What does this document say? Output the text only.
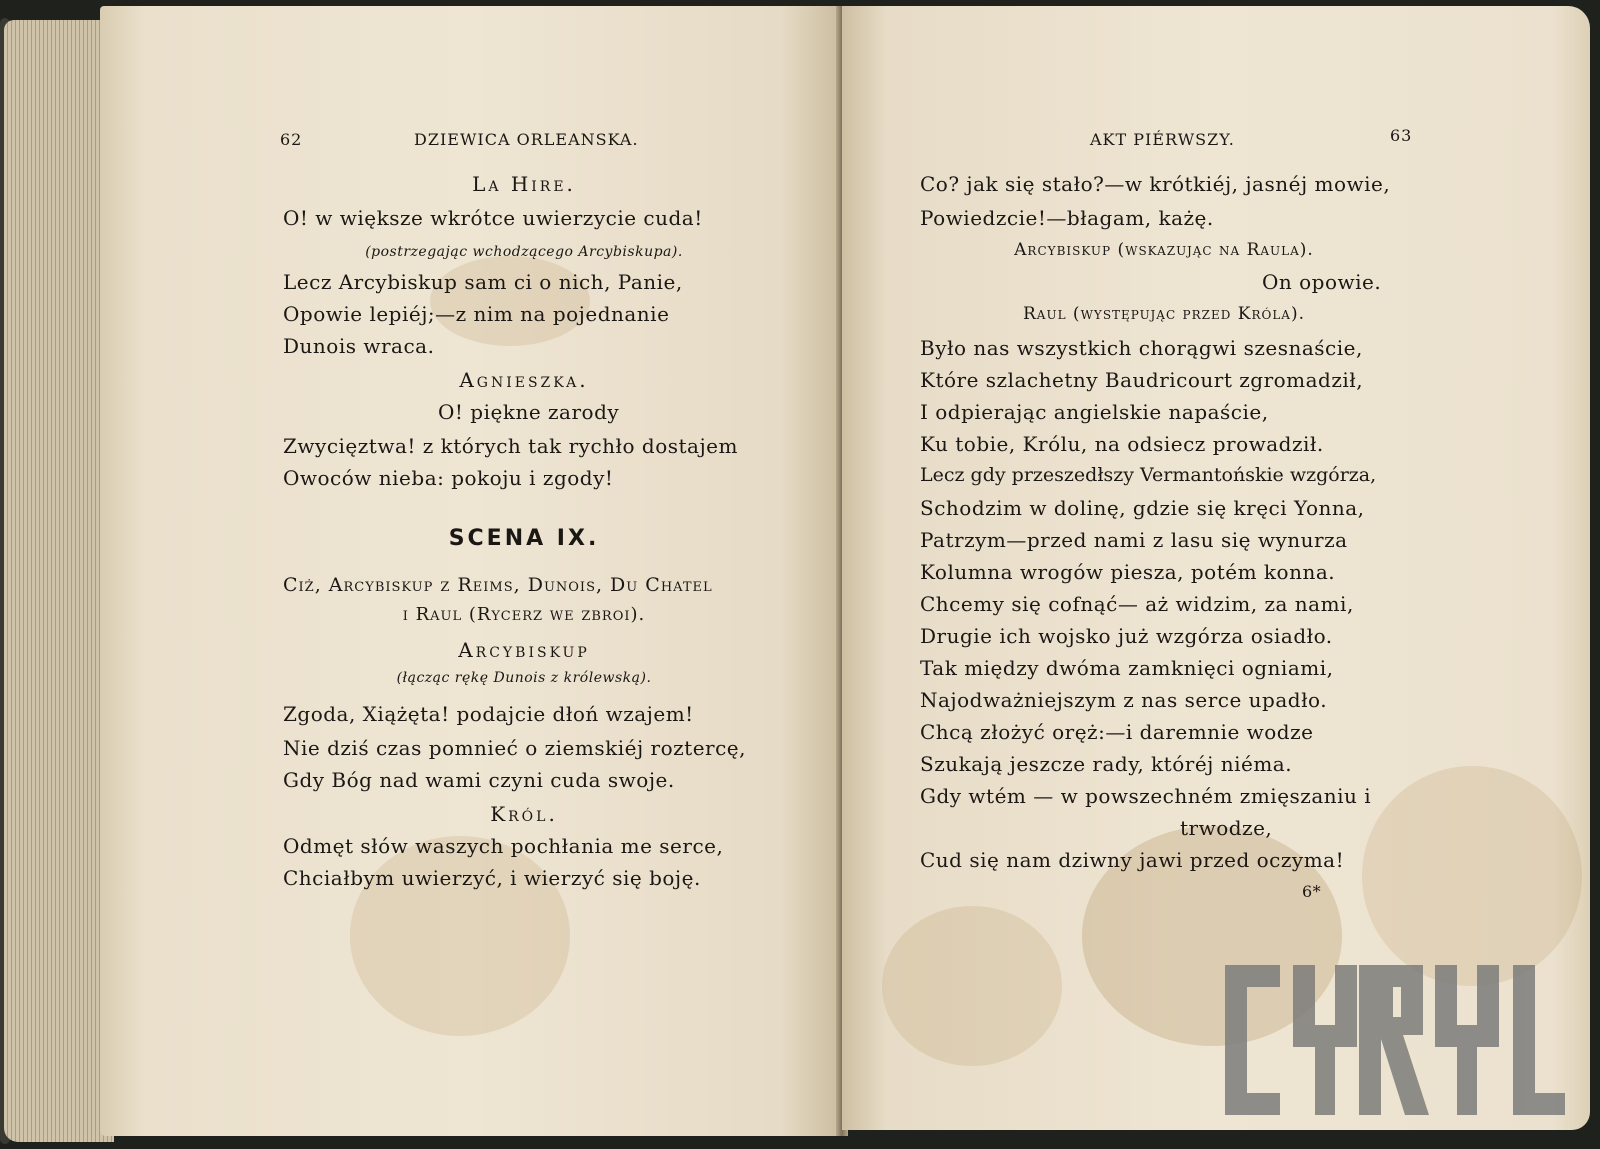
62	DZIEWICA ORLEANSKA.
La Hire.
O! w większe wkrótce uwierzycie cuda!
(postrzegając wchodzącego Arcybiskupa).
Lecz Arcybiskup sam ci o nich, Panie,
Opowie lepiéj;—z nim na pojednanie
Dunois wraca.
Agnieszka.
O! piękne zarody
Zwycięztwa! z których tak rychło dostajem
Owoców nieba: pokoju i zgody!
SCENA IX.
Ciż, Arcybiskup z Reims, Dunois, Du Chatel
i Raul (Rycerz we zbroi).
Arcybiskup
(łącząc rękę Dunois z królewską).
Zgoda, Xiążęta! podajcie dłoń wzajem!
Nie dziś czas pomnieć o ziemskiéj roztercę,
Gdy Bóg nad wami czyni cuda swoje.
Król.
Odmęt słów waszych pochłania me serce,
Chciałbym uwierzyć, i wierzyć się boję.
AKT PIÉRWSZY.	63
Co? jak się stało?—w krótkiéj, jasnéj mowie,
Powiedzcie!—błagam, każę.
Arcybiskup (wskazując na Raula).
On opowie.
Raul (występując przed Króla).
Było nas wszystkich chorągwi szesnaście,
Które szlachetny Baudricourt zgromadził,
I odpierając angielskie napaście,
Ku tobie, Królu, na odsiecz prowadził.
Lecz gdy przeszedłszy Vermantońskie wzgórza,
Schodzim w dolinę, gdzie się kręci Yonna,
Patrzym—przed nami z lasu się wynurza
Kolumna wrogów piesza, potém konna.
Chcemy się cofnąć— aż widzim, za nami,
Drugie ich wojsko już wzgórza osiadło.
Tak między dwóma zamknięci ogniami,
Najodważniejszym z nas serce upadło.
Chcą złożyć oręż:—i daremnie wodze
Szukają jeszcze rady, któréj niéma.
Gdy wtém — w powszechném zmięszaniu i
trwodze,
Cud się nam dziwny jawi przed oczyma!
6*
